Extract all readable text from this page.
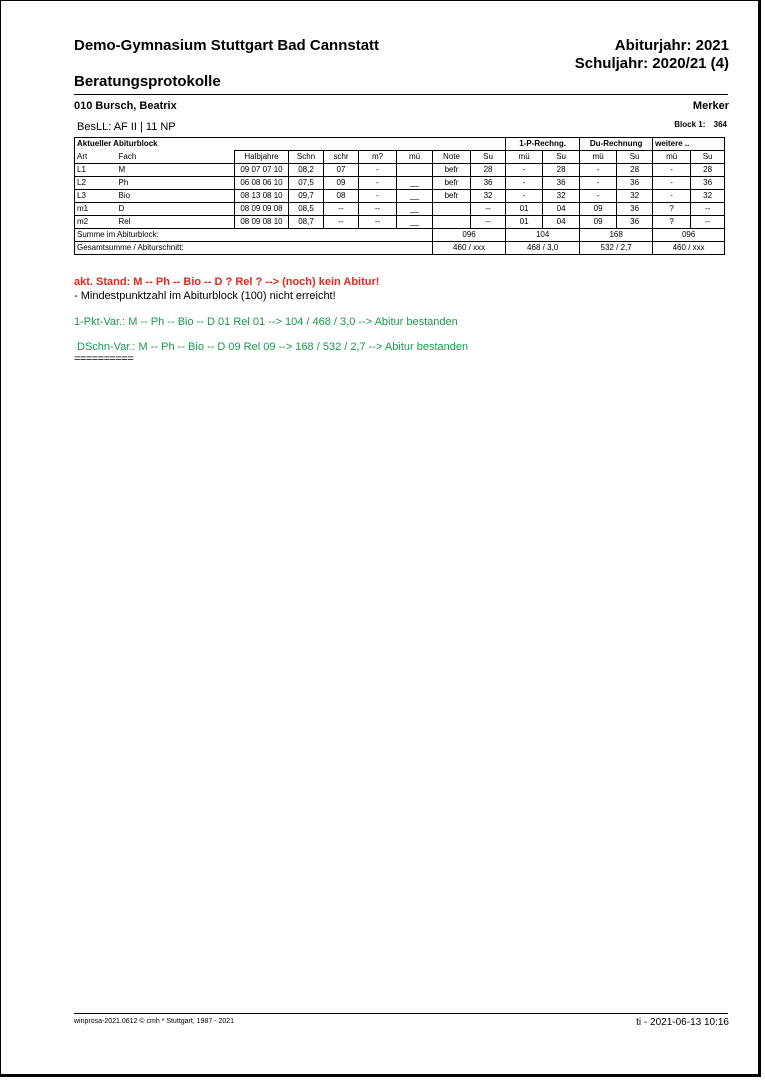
Demo-Gymnasium Stuttgart Bad Cannstatt	Abiturjahr: 2021
Schuljahr: 2020/21 (4)
Beratungsprotokolle
010 Bursch, Beatrix	Merker
BesLL: AF II | 11 NP	Block 1: 364
Aktueller Abiturblock									1-P-Rechng.		Du-Rechnung		weitere ..	
Art	Fach	Halbjahre	Schn	schr	m?	mü	Note	Su	mü	Su	mü	Su	mü	Su
L1	M	09 07 07 10	08,2	07	-		befr	28	-	28	-	28	-	28
L2	Ph	06 08 06 10	07,5	09	-	__	befr	36	-	36	-	36	-	36
L3	Bio	08 13 08 10	09,7	08	-	__	befr	32	-	32	-	32	-	32
m1	D	08 09 09 08	08,5	--	--	__		--	01	04	09	36	?	--
m2	Rel	08 09 08 10	08,7	--	--	__		--	01	04	09	36	?	--
Summe im Abiturblock:							096		104		168		096	
Gesamtsumme / Abiturschnitt:							460 / xxx		468 / 3,0		532 / 2,7		460 / xxx	
akt. Stand: M -- Ph -- Bio -- D ? Rel ? --> (noch) kein Abitur!
- Mindestpunktzahl im Abiturblock (100) nicht erreicht!
1-Pkt-Var.: M -- Ph -- Bio -- D 01 Rel 01 --> 104 / 468 / 3,0 --> Abitur bestanden
DSchn-Var.: M -- Ph -- Bio -- D 09 Rel 09 --> 168 / 532 / 2,7 --> Abitur bestanden
==========
winprosa-2021.0612 © cmh * Stuttgart, 1987 - 2021	ti - 2021-06-13 10:16
